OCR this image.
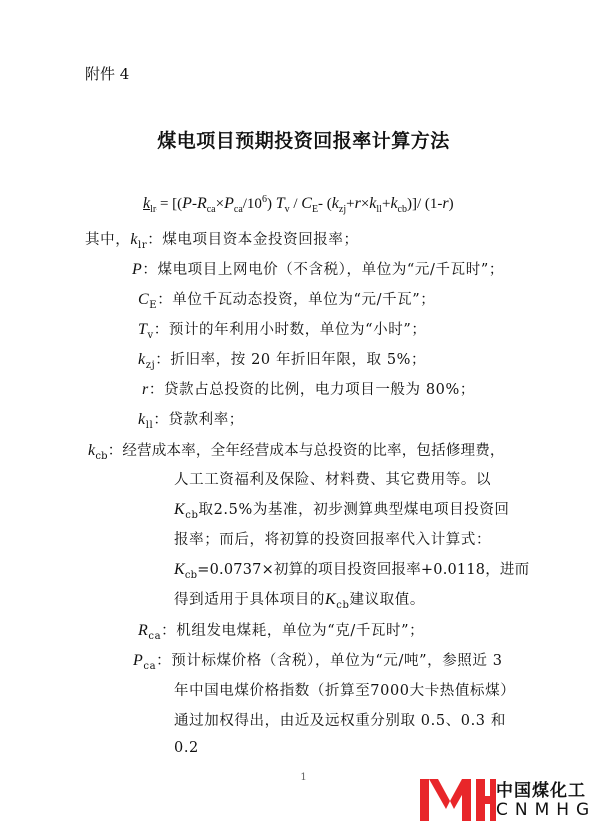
附件 4
煤电项目预期投资回报率计算方法
$k_{lr} = [(P-R_{ca}\times P_{ca}/10^6)$ $T_v / C_E-$ $(k_{zj}+r\times k_{ll}+k_{cb})]/$ (1-r)
其中，$k_{lr}$：煤电项目资本金投资回报率；
P：煤电项目上网电价（不含税），单位为“元/千瓦时”；
$C_E$：单位千瓦动态投资，单位为“元/千瓦”；
$T_v$：预计的年利用小时数，单位为“小时”；
$k_{zj}$：折旧率，按 20 年折旧年限，取 5%；
r：贷款占总投资的比例，电力项目一般为 80%；
$k_{ll}$：贷款利率；
$k_{cb}$：经营成本率，全年经营成本与总投资的比率，包括修理费，
人工工资福利及保险、材料费、其它费用等。以
$K_{cb}$取2.5%为基准，初步测算典型煤电项目投资回
报率；而后，将初算的投资回报率代入计算式：
$K_{cb}=0.0737\times$初算的项目投资回报率+0.0118，进而
得到适用于具体项目的$K_{cb}$建议取值。
$R_{ca}$：机组发电煤耗，单位为“克/千瓦时”；
$P_{ca}$：预计标煤价格（含税），单位为“元/吨”，参照近 3
年中国电煤价格指数（折算至7000大卡热值标煤）
通过加权得出，由近及远权重分别取 0.5、0.3 和
0.2
1
中国煤化工
CNMHG
